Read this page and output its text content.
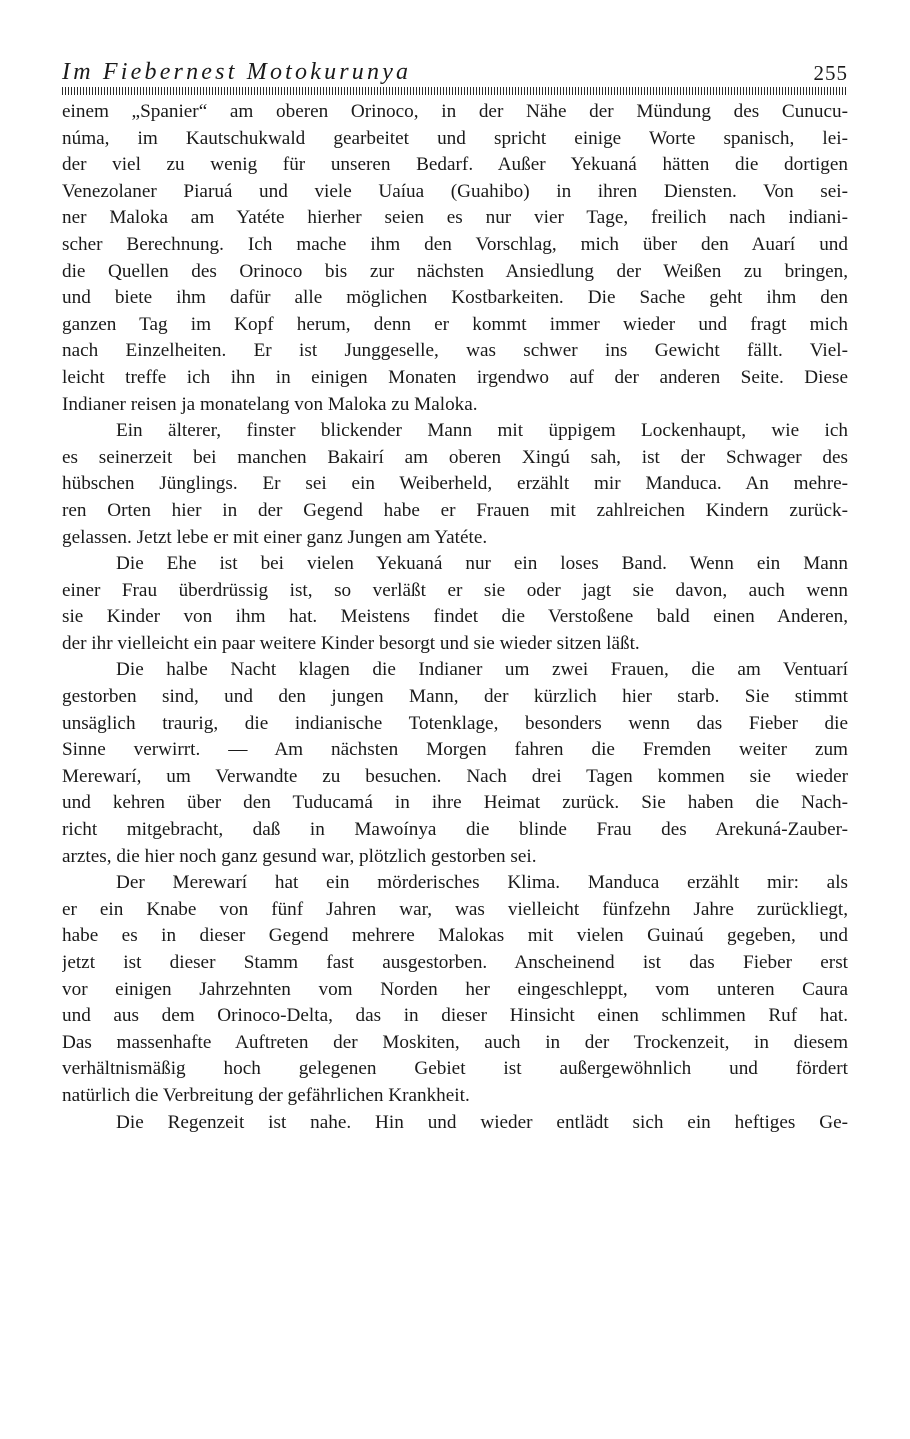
Im Fiebernest Motokurunya	255
einem „Spanier“ am oberen Orinoco, in der Nähe der Mündung des Cunucu-
núma, im Kautschukwald gearbeitet und spricht einige Worte spanisch, lei-
der viel zu wenig für unseren Bedarf. Außer Yekuaná hätten die dortigen
Venezolaner Piaruá und viele Uaíua (Guahibo) in ihren Diensten. Von sei-
ner Maloka am Yatéte hierher seien es nur vier Tage, freilich nach indiani-
scher Berechnung. Ich mache ihm den Vorschlag, mich über den Auarí und
die Quellen des Orinoco bis zur nächsten Ansiedlung der Weißen zu bringen,
und biete ihm dafür alle möglichen Kostbarkeiten. Die Sache geht ihm den
ganzen Tag im Kopf herum, denn er kommt immer wieder und fragt mich
nach Einzelheiten. Er ist Junggeselle, was schwer ins Gewicht fällt. Viel-
leicht treffe ich ihn in einigen Monaten irgendwo auf der anderen Seite. Diese
Indianer reisen ja monatelang von Maloka zu Maloka.
Ein älterer, finster blickender Mann mit üppigem Lockenhaupt, wie ich
es seinerzeit bei manchen Bakairí am oberen Xingú sah, ist der Schwager des
hübschen Jünglings. Er sei ein Weiberheld, erzählt mir Manduca. An mehre-
ren Orten hier in der Gegend habe er Frauen mit zahlreichen Kindern zurück-
gelassen. Jetzt lebe er mit einer ganz Jungen am Yatéte.
Die Ehe ist bei vielen Yekuaná nur ein loses Band. Wenn ein Mann
einer Frau überdrüssig ist, so verläßt er sie oder jagt sie davon, auch wenn
sie Kinder von ihm hat. Meistens findet die Verstoßene bald einen Anderen,
der ihr vielleicht ein paar weitere Kinder besorgt und sie wieder sitzen läßt.
Die halbe Nacht klagen die Indianer um zwei Frauen, die am Ventuarí
gestorben sind, und den jungen Mann, der kürzlich hier starb. Sie stimmt
unsäglich traurig, die indianische Totenklage, besonders wenn das Fieber die
Sinne verwirrt. — Am nächsten Morgen fahren die Fremden weiter zum
Merewarí, um Verwandte zu besuchen. Nach drei Tagen kommen sie wieder
und kehren über den Tuducamá in ihre Heimat zurück. Sie haben die Nach-
richt mitgebracht, daß in Mawoínya die blinde Frau des Arekuná-Zauber-
arztes, die hier noch ganz gesund war, plötzlich gestorben sei.
Der Merewarí hat ein mörderisches Klima. Manduca erzählt mir: als
er ein Knabe von fünf Jahren war, was vielleicht fünfzehn Jahre zurückliegt,
habe es in dieser Gegend mehrere Malokas mit vielen Guinaú gegeben, und
jetzt ist dieser Stamm fast ausgestorben. Anscheinend ist das Fieber erst
vor einigen Jahrzehnten vom Norden her eingeschleppt, vom unteren Caura
und aus dem Orinoco-Delta, das in dieser Hinsicht einen schlimmen Ruf hat.
Das massenhafte Auftreten der Moskiten, auch in der Trockenzeit, in diesem
verhältnismäßig hoch gelegenen Gebiet ist außergewöhnlich und fördert
natürlich die Verbreitung der gefährlichen Krankheit.
Die Regenzeit ist nahe. Hin und wieder entlädt sich ein heftiges Ge-
